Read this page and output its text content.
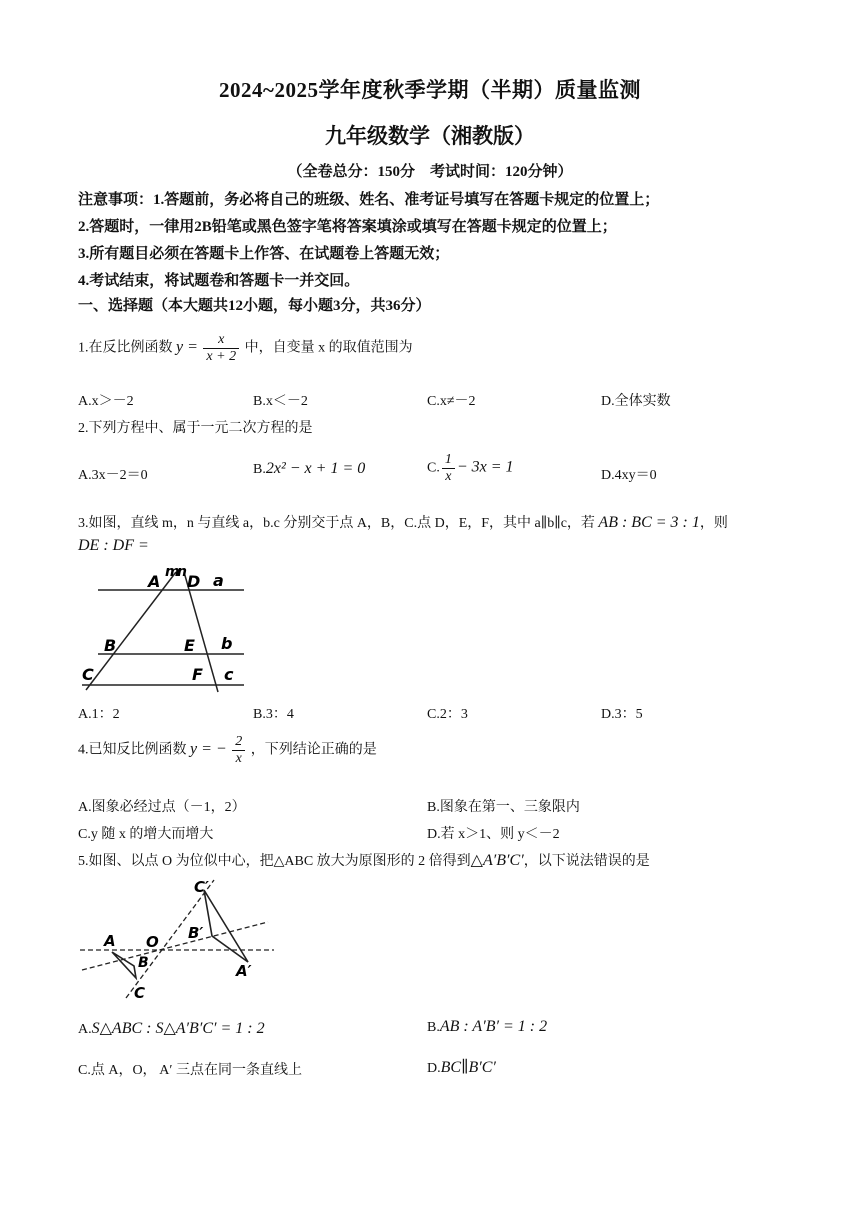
2024~2025学年度秋季学期（半期）质量监测
九年级数学（湘教版）
（全卷总分：150分　考试时间：120分钟）
注意事项：1.答题前，务必将自己的班级、姓名、准考证号填写在答题卡规定的位置上；
2.答题时，一律用2B铅笔或黑色签字笔将答案填涂或填写在答题卡规定的位置上；
3.所有题目必须在答题卡上作答、在试题卷上答题无效；
4.考试结束，将试题卷和答题卡一并交回。
一、选择题（本大题共12小题，每小题3分，共36分）
1.在反比例函数 $y = \frac{x}{x + 2}$ 中，自变量 x 的取值范围为
A.x＞－2	B.x＜－2	C.x≠－2	D.全体实数
2.下列方程中、属于一元二次方程的是
A.3x－2＝0	B.2x² − x + 1 = 0	C. $\frac{1}{x} - 3x = 1$	D.4xy＝0
3.如图，直线 m，n 与直线 a，b.c 分别交于点 A，B，C.点 D，E，F，其中 a∥b∥c，若 AB : BC = 3 : 1，则
DE : DF =
A m
n D a
B	E b
C	F c
A.1：2	B.3：4	C.2：3	D.3：5
4.已知反比例函数 y = − $\frac{2}{x}$ ，下列结论正确的是
A.图象必经过点（－1，2）	B.图象在第一、三象限内
C.y 随 x 的增大而增大	D.若 x＞1、则 y＜－2
5.如图、以点 O 为位似中心，把△ABC 放大为原图形的 2 倍得到△A′B′C′，以下说法错误的是
A O
B
C
A′
B′
C′
A.S△ABC : S△A′B′C′ = 1 : 2	B.AB : A′B′ = 1 : 2
C.点 A，O， A′ 三点在同一条直线上	D.BC∥B′C′
